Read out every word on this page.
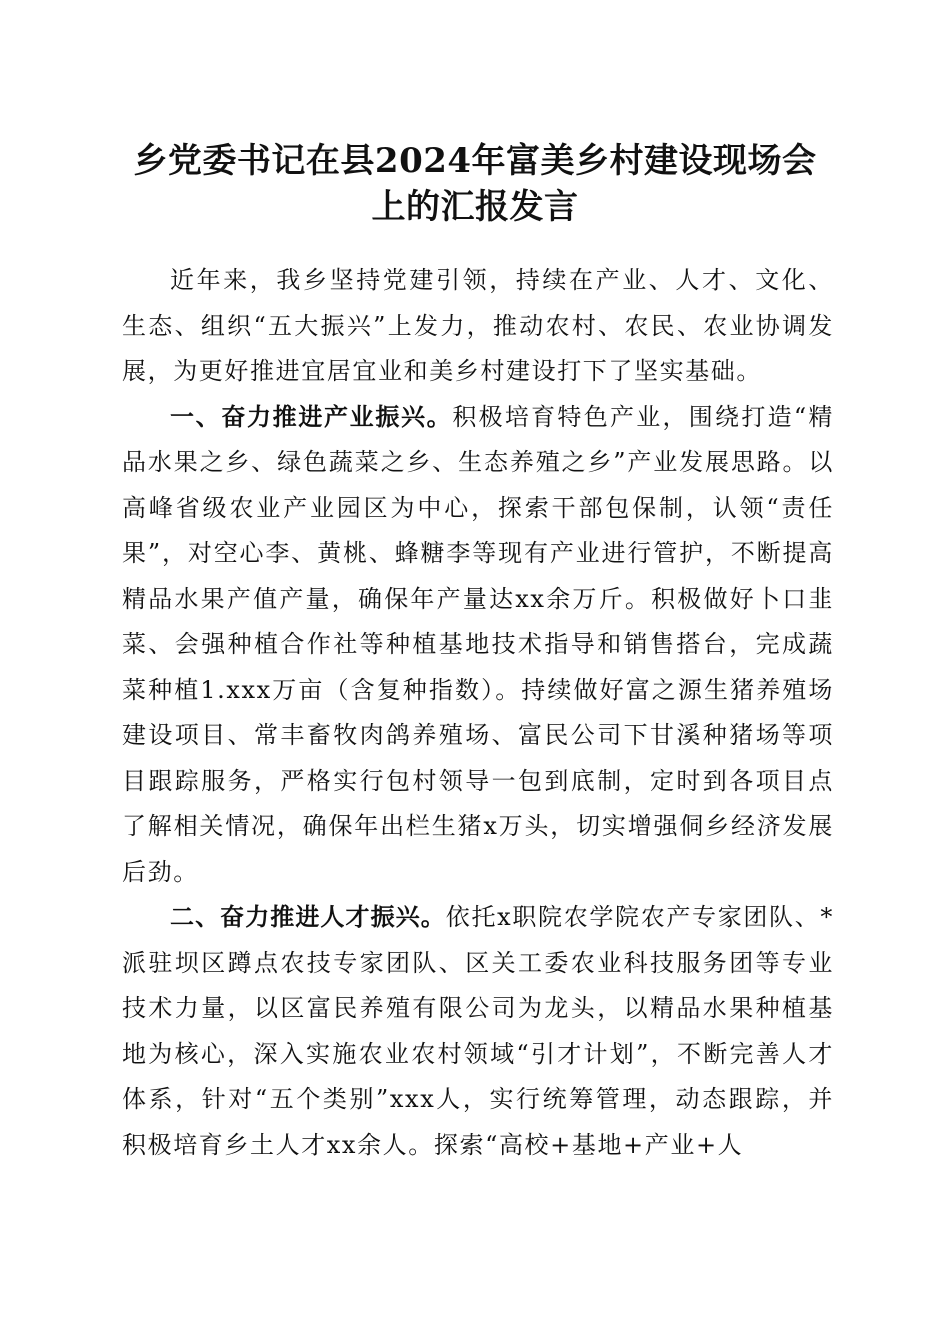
乡党委书记在县2024年富美乡村建设现场会
上的汇报发言

近年来，我乡坚持党建引领，持续在产业、人才、文化、生态、组织“五大振兴”上发力，推动农村、农民、农业协调发展，为更好推进宜居宜业和美乡村建设打下了坚实基础。

一、奋力推进产业振兴。积极培育特色产业，围绕打造“精品水果之乡、绿色蔬菜之乡、生态养殖之乡”产业发展思路。以高峰省级农业产业园区为中心，探索干部包保制，认领“责任果”，对空心李、黄桃、蜂糖李等现有产业进行管护，不断提高精品水果产值产量，确保年产量达xx余万斤。积极做好卜口韭菜、会强种植合作社等种植基地技术指导和销售搭台，完成蔬菜种植1.xxx万亩（含复种指数）。持续做好富之源生猪养殖场建设项目、常丰畜牧肉鸽养殖场、富民公司下甘溪种猪场等项目跟踪服务，严格实行包村领导一包到底制，定时到各项目点了解相关情况，确保年出栏生猪x万头，切实增强侗乡经济发展后劲。

二、奋力推进人才振兴。依托x职院农学院农产专家团队、*派驻坝区蹲点农技专家团队、区关工委农业科技服务团等专业技术力量，以区富民养殖有限公司为龙头，以精品水果种植基地为核心，深入实施农业农村领域“引才计划”，不断完善人才体系，针对“五个类别”xxx人，实行统筹管理，动态跟踪，并积极培育乡土人才xx余人。探索“高校+基地+产业+人
